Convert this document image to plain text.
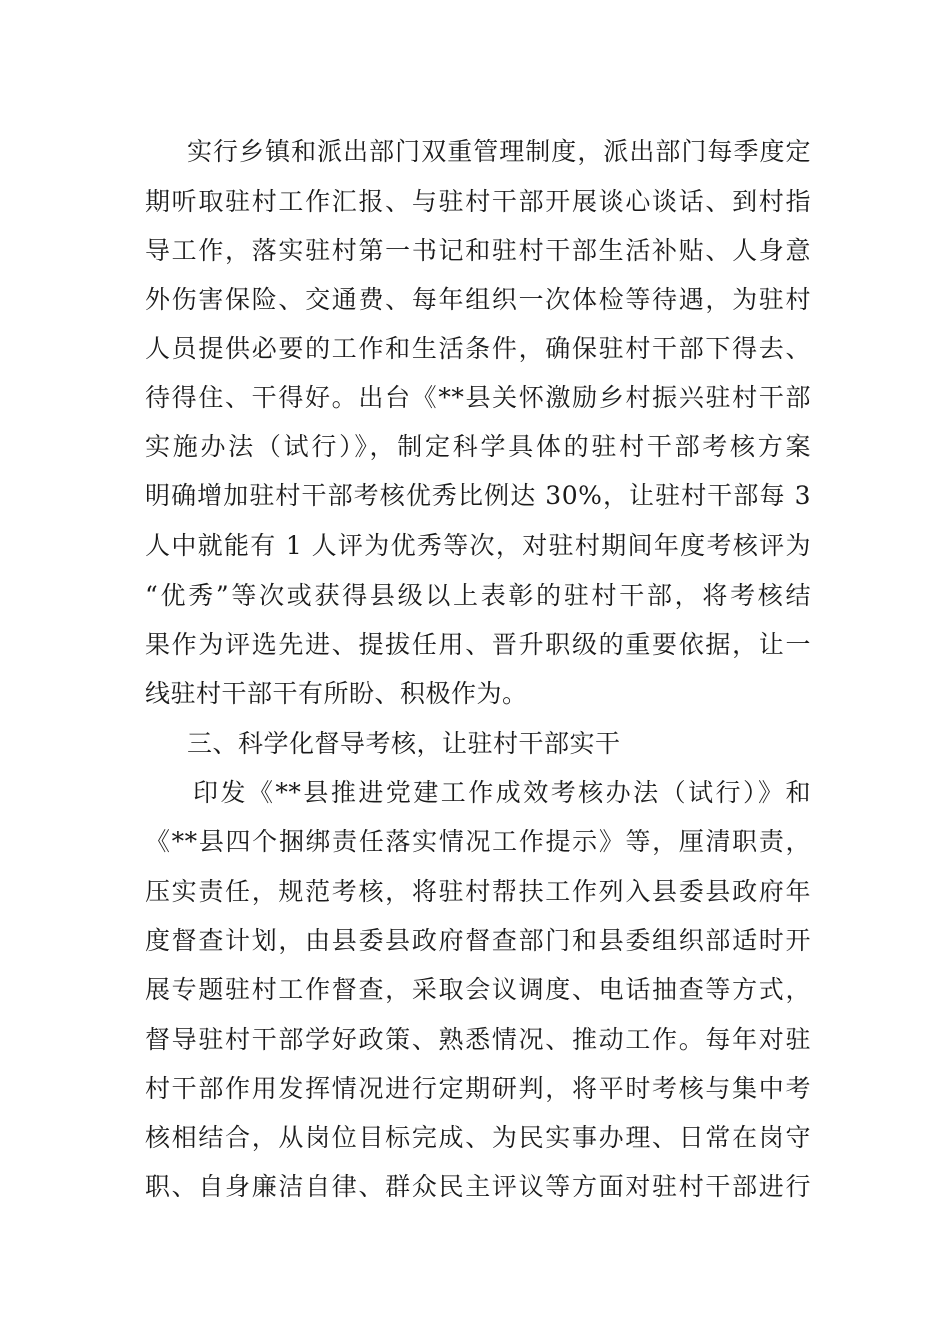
实行乡镇和派出部门双重管理制度，派出部门每季度定
期听取驻村工作汇报、与驻村干部开展谈心谈话、到村指
导工作，落实驻村第一书记和驻村干部生活补贴、人身意
外伤害保险、交通费、每年组织一次体检等待遇，为驻村
人员提供必要的工作和生活条件，确保驻村干部下得去、
待得住、干得好。出台《**县关怀激励乡村振兴驻村干部
实施办法（试行）》，制定科学具体的驻村干部考核方案
明确增加驻村干部考核优秀比例达 30%，让驻村干部每 3
人中就能有 1 人评为优秀等次，对驻村期间年度考核评为
“优秀”等次或获得县级以上表彰的驻村干部，将考核结
果作为评选先进、提拔任用、晋升职级的重要依据，让一
线驻村干部干有所盼、积极作为。
三、科学化督导考核，让驻村干部实干
印发《**县推进党建工作成效考核办法（试行）》和
《**县四个捆绑责任落实情况工作提示》等，厘清职责，
压实责任，规范考核，将驻村帮扶工作列入县委县政府年
度督查计划，由县委县政府督查部门和县委组织部适时开
展专题驻村工作督查，采取会议调度、电话抽查等方式，
督导驻村干部学好政策、熟悉情况、推动工作。每年对驻
村干部作用发挥情况进行定期研判，将平时考核与集中考
核相结合，从岗位目标完成、为民实事办理、日常在岗守
职、自身廉洁自律、群众民主评议等方面对驻村干部进行
